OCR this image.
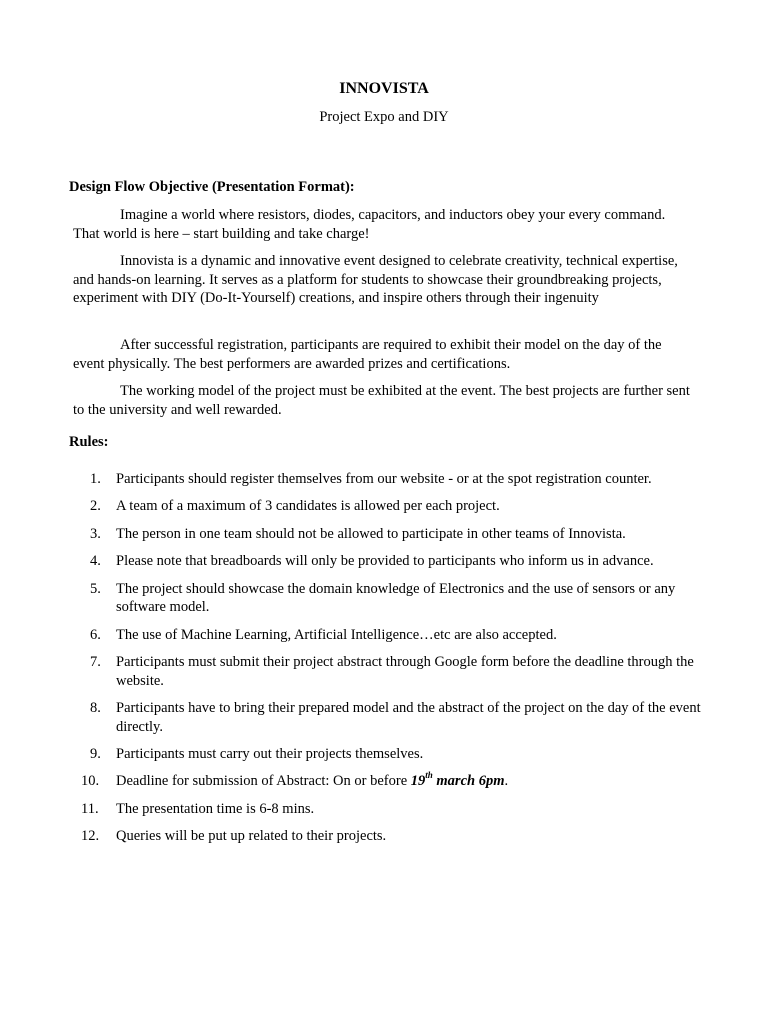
INNOVISTA
Project Expo and DIY
Design Flow Objective (Presentation Format):

Imagine a world where resistors, diodes, capacitors, and inductors obey your every command. That world is here – start building and take charge!

Innovista is a dynamic and innovative event designed to celebrate creativity, technical expertise, and hands-on learning. It serves as a platform for students to showcase their groundbreaking projects, experiment with DIY (Do-It-Yourself) creations, and inspire others through their ingenuity

After successful registration, participants are required to exhibit their model on the day of the event physically. The best performers are awarded prizes and certifications.

The working model of the project must be exhibited at the event. The best projects are further sent to the university and well rewarded.

Rules:
1.	Participants should register themselves from our website - or at the spot registration counter.
2.	A team of a maximum of 3 candidates is allowed per each project.
3.	The person in one team should not be allowed to participate in other teams of Innovista.
4.	Please note that breadboards will only be provided to participants who inform us in advance.
5.	The project should showcase the domain knowledge of Electronics and the use of sensors or any software model.
6.	The use of Machine Learning, Artificial Intelligence…etc are also accepted.
7.	Participants must submit their project abstract through Google form before the deadline through the website.
8.	Participants have to bring their prepared model and the abstract of the project on the day of the event directly.
9.	Participants must carry out their projects themselves.
10. Deadline for submission of Abstract: On or before 19th march 6pm.
11.	The presentation time is 6-8 mins.
12. Queries will be put up related to their projects.
